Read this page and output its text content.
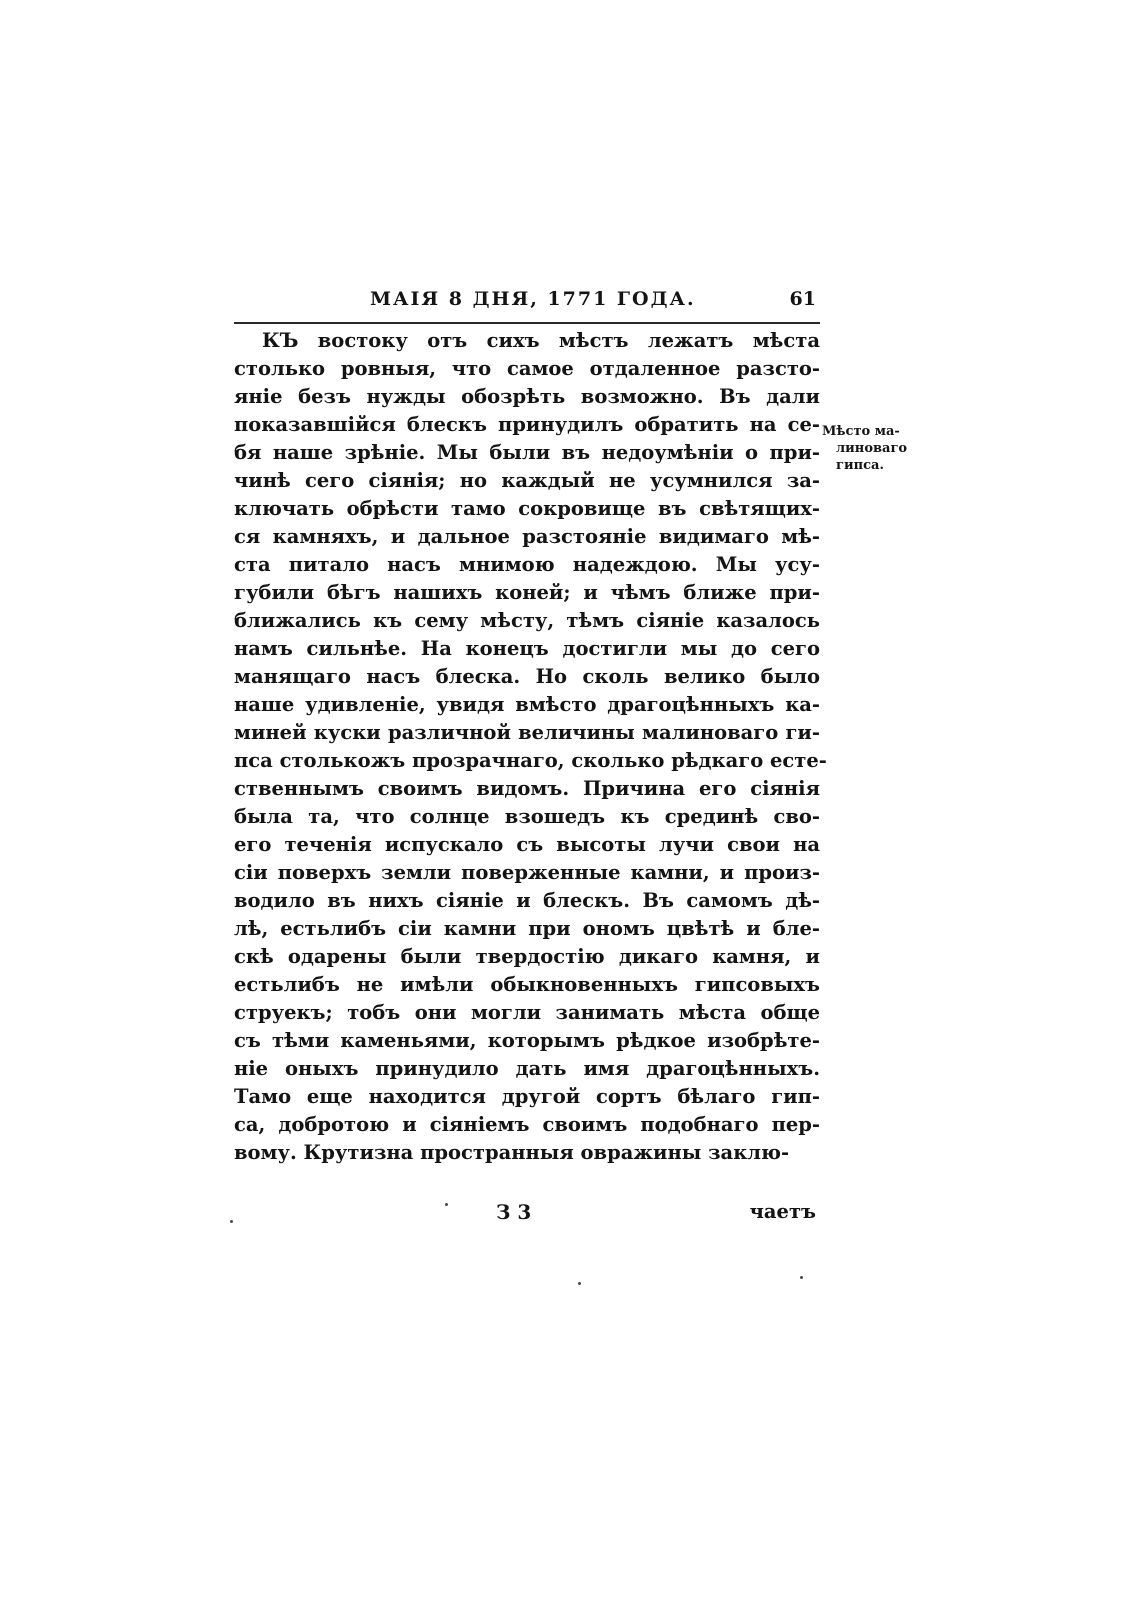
МАІЯ 8 ДНЯ, 1771 ГОДА.	61
КЪ востоку отъ сихъ мѣстъ лежатъ мѣста
столько ровныя, что самое отдаленное разсто-
яніе безъ нужды обозрѣть возможно. Въ дали
показавшійся блескъ принудилъ обратить на се-
бя наше зрѣніе. Мы были въ недоумѣніи о при-
чинѣ сего сіянія; но каждый не усумнился за-
ключать обрѣсти тамо сокровище въ свѣтящих-
ся камняхъ, и дальное разстояніе видимаго мѣ-
ста питало насъ мнимою надеждою. Мы усу-
губили бѣгъ нашихъ коней; и чѣмъ ближе при-
ближались къ сему мѣсту, тѣмъ сіяніе казалось
намъ сильнѣе. На конецъ достигли мы до сего
манящаго насъ блеска. Но сколь велико было
наше удивленіе, увидя вмѣсто драгоцѣнныхъ ка-
миней куски различной величины малиноваго ги-
пса столькожъ прозрачнаго, сколько рѣдкаго есте-
ственнымъ своимъ видомъ. Причина его сіянія
была та, что солнце взошедъ къ срединѣ сво-
его теченія испускало съ высоты лучи свои на
сіи поверхъ земли поверженные камни, и произ-
водило въ нихъ сіяніе и блескъ. Въ самомъ дѣ-
лѣ, естьлибъ сіи камни при ономъ цвѣтѣ и бле-
скѣ одарены были твердостію дикаго камня, и
естьлибъ не имѣли обыкновенныхъ гипсовыхъ
струекъ; тобъ они могли занимать мѣста обще
съ тѣми каменьями, которымъ рѣдкое изобрѣте-
ніе оныхъ принудило дать имя драгоцѣнныхъ.
Тамо еще находится другой сортъ бѣлаго гип-
са, добротою и сіяніемъ своимъ подобнаго пер-
вому. Крутизна пространныя овражины заклю-
Мѣсто ма-
линоваго
гипса.
З 3	чаетъ
